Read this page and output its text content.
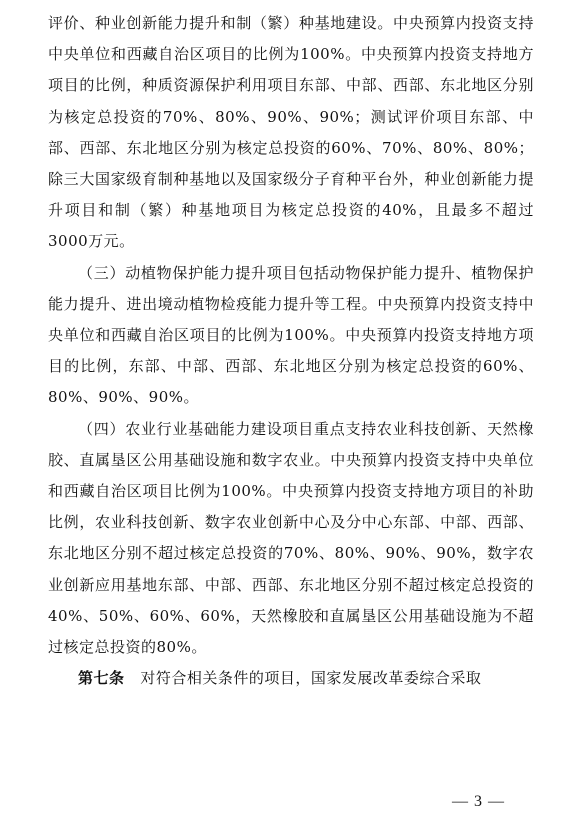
评价、种业创新能力提升和制（繁）种基地建设。中央预算内投资支持中央单位和西藏自治区项目的比例为100%。中央预算内投资支持地方项目的比例，种质资源保护利用项目东部、中部、西部、东北地区分别为核定总投资的70%、80%、90%、90%；测试评价项目东部、中部、西部、东北地区分别为核定总投资的60%、70%、80%、80%；除三大国家级育制种基地以及国家级分子育种平台外，种业创新能力提升项目和制（繁）种基地项目为核定总投资的40%，且最多不超过3000万元。

（三）动植物保护能力提升项目包括动物保护能力提升、植物保护能力提升、进出境动植物检疫能力提升等工程。中央预算内投资支持中央单位和西藏自治区项目的比例为100%。中央预算内投资支持地方项目的比例，东部、中部、西部、东北地区分别为核定总投资的60%、80%、90%、90%。

（四）农业行业基础能力建设项目重点支持农业科技创新、天然橡胶、直属垦区公用基础设施和数字农业。中央预算内投资支持中央单位和西藏自治区项目比例为100%。中央预算内投资支持地方项目的补助比例，农业科技创新、数字农业创新中心及分中心东部、中部、西部、东北地区分别不超过核定总投资的70%、80%、90%、90%，数字农业创新应用基地东部、中部、西部、东北地区分别不超过核定总投资的40%、50%、60%、60%，天然橡胶和直属垦区公用基础设施为不超过核定总投资的80%。

第七条 对符合相关条件的项目，国家发展改革委综合采取

— 3 —
